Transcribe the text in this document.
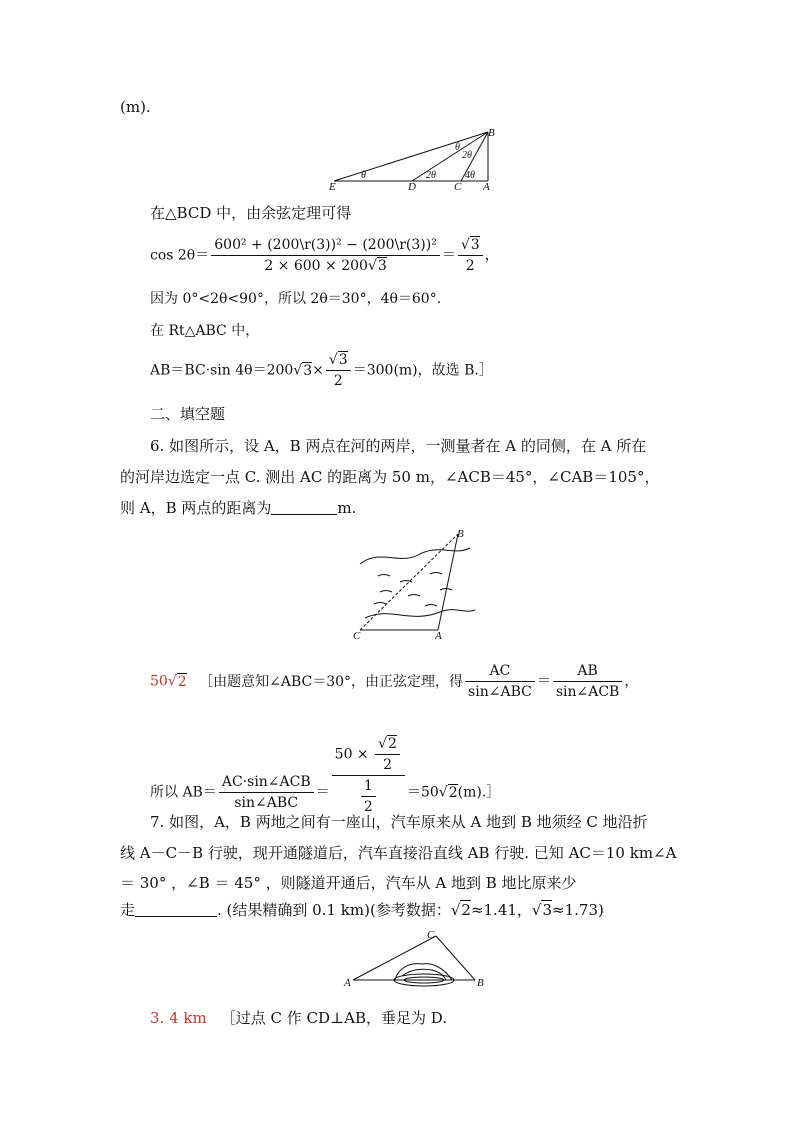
(m).
B
E	D	C A
θ	2θ	4θ
θ
2θ
在△BCD 中，由余弦定理可得
$\cos 2\theta= \frac{\text{600² + (200\textbackslash{}r(3))² − (200\textbackslash{}r(3))²}}{2 \times 600 \times 200√3} = \frac{√3}{2}$ ，
因为 0°<2θ<90°，所以 2θ＝30°，4θ＝60°.
在 Rt△ABC 中，
AB＝BC·sin $4\theta=200√3\times \frac{√3}{2} =300(m)$，故选 B.］
二、填空题
6. 如图所示，设 A，B 两点在河的两岸，一测量者在 A 的同侧，在 A 所在
的河岸边选定一点 C. 测出 AC 的距离为 50 m，∠ACB＝45°，∠CAB＝105°，
则 A，B 两点的距离为	m.
B
C	A
50√2 ［由题意知∠ABC＝30°，由正弦定理，得 $\frac{AC}{\text{sin∠ABC}} = \frac{AB}{\text{sin∠ACB}}$ ，
所以 $AB= \frac{\text{AC·sin∠ACB}}{\text{sin∠ABC}} = \frac{50 \times \frac{√2}{2}}{\frac{1}{2}}$ ＝50√2(m).］
7. 如图，A，B 两地之间有一座山，汽车原来从 A 地到 B 地须经 C 地沿折
线 A－C－B 行驶，现开通隧道后，汽车直接沿直线 AB 行驶. 已知 AC＝10 km∠A
＝ 30° ，∠B ＝ 45° ，则隧道开通后，汽车从 A 地到 B 地比原来少
走	. (结果精确到 0.1 km)(参考数据：√2≈1.41，√3≈1.73)
C
A	B
3. 4 km ［过点 C 作 CD⊥AB，垂足为 D.
